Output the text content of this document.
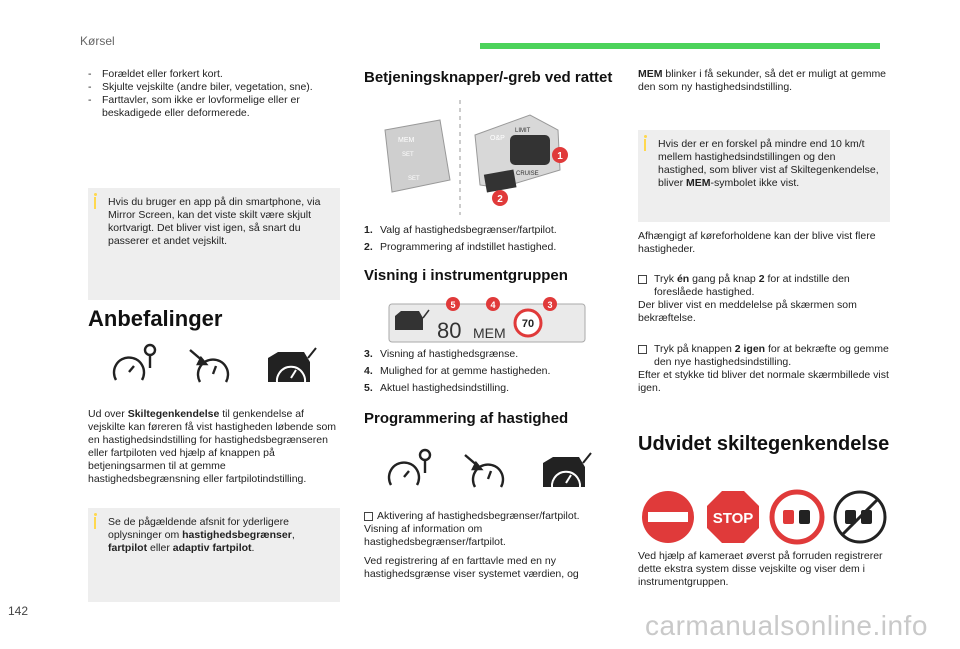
Kørsel
-	Forældet eller forkert kort.
-	Skjulte vejskilte (andre biler, vegetation, sne).
-	Farttavler, som ikke er lovformelige eller er beskadigede eller deformerede.
Hvis du bruger en app på din smartphone, via Mirror Screen, kan det viste skilt være skjult kortvarigt. Det bliver vist igen, så snart du passerer et andet vejskilt.
Anbefalinger
Ud over Skiltegenkendelse til genkendelse af vejskilte kan føreren få vist hastigheden løbende som en hastighedsindstilling for hastighedsbegrænseren eller fartpiloten ved hjælp af knappen på betjeningsarmen til at gemme hastighedsbegrænsning eller fartpilotindstilling.
Se de pågældende afsnit for yderligere oplysninger om hastighedsbegrænser, fartpilot eller adaptiv fartpilot.
Betjeningsknapper/-greb ved rattet
MEM
SET
SET
LIMIT
CRUISE
O&P
1
2
1. Valg af hastighedsbegrænser/fartpilot.
2. Programmering af indstillet hastighed.
Visning i instrumentgruppen
80 MEM
70
5	4	3
3. Visning af hastighedsgrænse.
4. Mulighed for at gemme hastigheden.
5. Aktuel hastighedsindstilling.
Programmering af hastighed
Aktivering af hastighedsbegrænser/fartpilot.
Visning af information om hastighedsbegrænser/fartpilot.
Ved registrering af en farttavle med en ny hastighedsgrænse viser systemet værdien, og
MEM blinker i få sekunder, så det er muligt at gemme den som ny hastighedsindstilling.
Hvis der er en forskel på mindre end 10 km/t mellem hastighedsindstillingen og den hastighed, som bliver vist af Skiltegenkendelse, bliver MEM-symbolet ikke vist.
Afhængigt af køreforholdene kan der blive vist flere hastigheder.
Tryk én gang på knap 2 for at indstille den foreslåede hastighed.
Der bliver vist en meddelelse på skærmen som bekræftelse.
Tryk på knappen 2 igen for at bekræfte og gemme den nye hastighedsindstilling.
Efter et stykke tid bliver det normale skærmbillede vist igen.
Udvidet skiltegenkendelse
STOP
Ved hjælp af kameraet øverst på forruden registrerer dette ekstra system disse vejskilte og viser dem i instrumentgruppen.
142	carmanualsonline.info
